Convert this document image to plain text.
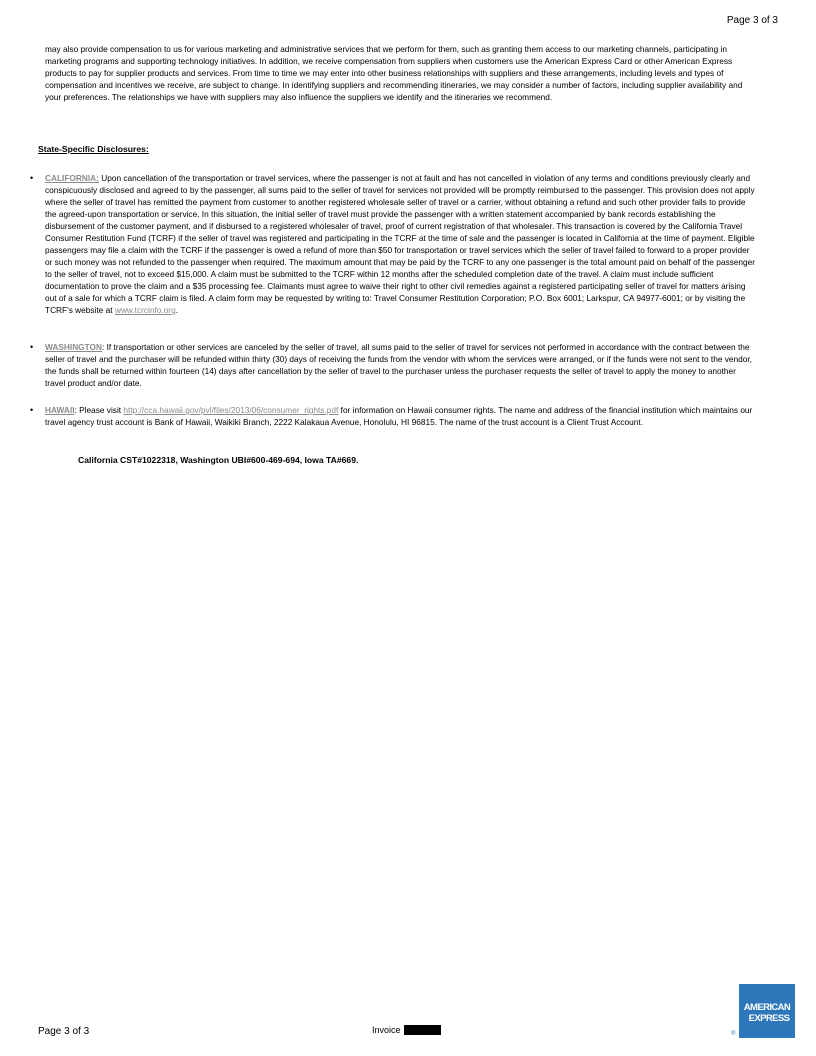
Page 3 of 3

may also provide compensation to us for various marketing and administrative services that we perform for them, such as granting them access to our marketing channels, participating in marketing programs and supporting technology initiatives. In addition, we receive compensation from suppliers when customers use the American Express Card or other American Express products to pay for supplier products and services. From time to time we may enter into other business relationships with suppliers and these arrangements, including levels and types of compensation and incentives we receive, are subject to change. In identifying suppliers and recommending itineraries, we may consider a number of factors, including supplier availability and your preferences. The relationships we have with suppliers may also influence the suppliers we identify and the itineraries we recommend.

State-Specific Disclosures:
• CALIFORNIA: Upon cancellation of the transportation or travel services, where the passenger is not at fault and has not cancelled in violation of any terms and conditions previously clearly and conspicuously disclosed and agreed to by the passenger, all sums paid to the seller of travel for services not provided will be promptly reimbursed to the passenger. This provision does not apply where the seller of travel has remitted the payment from customer to another registered wholesale seller of travel or a carrier, without obtaining a refund and such other provider fails to provide the agreed-upon transportation or service. In this situation, the initial seller of travel must provide the passenger with a written statement accompanied by bank records establishing the disbursement of the customer payment, and if disbursed to a registered wholesaler of travel, proof of current registration of that wholesaler. This transaction is covered by the California Travel Consumer Restitution Fund (TCRF) if the seller of travel was registered and participating in the TCRF at the time of sale and the passenger is located in California at the time of payment. Eligible passengers may file a claim with the TCRF if the passenger is owed a refund of more than $50 for transportation or travel services which the seller of travel failed to forward to a proper provider or such money was not refunded to the passenger when required. The maximum amount that may be paid by the TCRF to any one passenger is the total amount paid on behalf of the passenger to the seller of travel, not to exceed $15,000. A claim must be submitted to the TCRF within 12 months after the scheduled completion date of the travel. A claim must include sufficient documentation to prove the claim and a $35 processing fee. Claimants must agree to waive their right to other civil remedies against a registered participating seller of travel for matters arising out of a sale for which a TCRF claim is filed. A claim form may be requested by writing to: Travel Consumer Restitution Corporation; P.O. Box 6001; Larkspur, CA 94977-6001; or by visiting the TCRF's website at www.tcrcinfo.org.
• WASHINGTON: If transportation or other services are canceled by the seller of travel, all sums paid to the seller of travel for services not performed in accordance with the contract between the seller of travel and the purchaser will be refunded within thirty (30) days of receiving the funds from the vendor with whom the services were arranged, or if the funds were not sent to the vendor, the funds shall be returned within fourteen (14) days after cancellation by the seller of travel to the purchaser unless the purchaser requests the seller of travel to apply the money to another travel product and/or date.
• HAWAII: Please visit http://cca.hawaii.gov/pvl/files/2013/06/consumer_rights.pdf for information on Hawaii consumer rights. The name and address of the financial institution which maintains our travel agency trust account is Bank of Hawaii, Waikiki Branch, 2222 Kalakaua Avenue, Honolulu, HI 96815. The name of the trust account is a Client Trust Account.
California CST#1022318, Washington UBI#600-469-694, Iowa TA#669.
Page 3 of 3	Invoice
AMERICAN
EXPRESS
®
